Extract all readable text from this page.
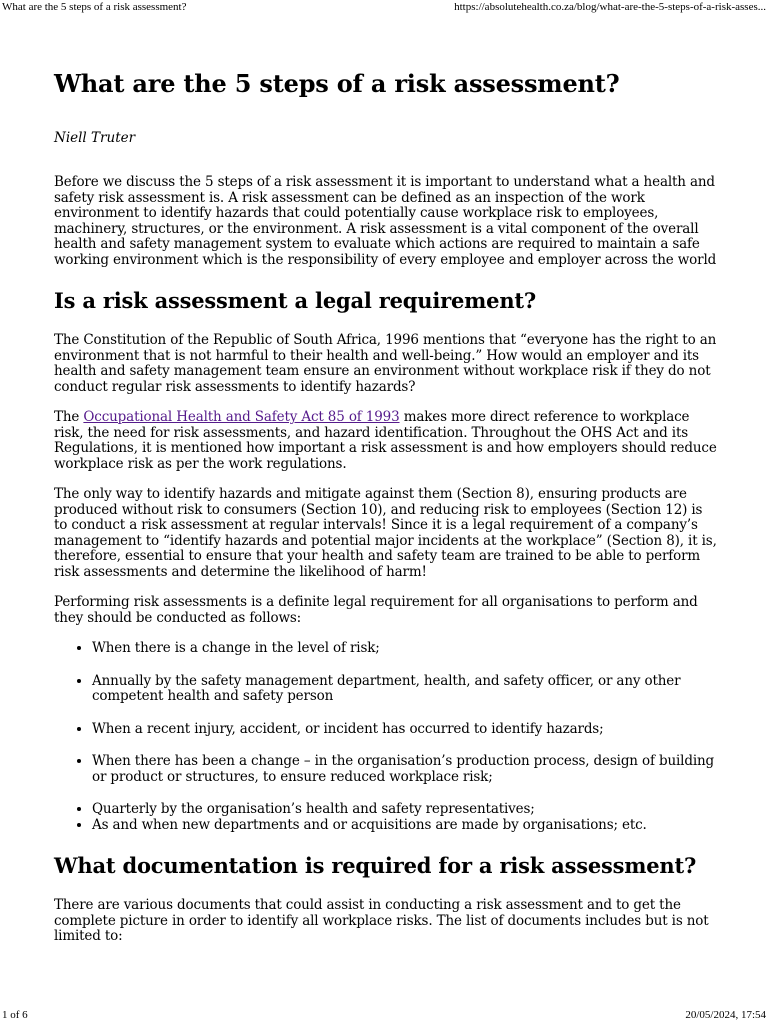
What are the 5 steps of a risk assessment?	https://absolutehealth.co.za/blog/what-are-the-5-steps-of-a-risk-asses...
What are the 5 steps of a risk assessment?
Niell Truter

Before we discuss the 5 steps of a risk assessment it is important to understand what a health and safety risk assessment is. A risk assessment can be defined as an inspection of the work environment to identify hazards that could potentially cause workplace risk to employees, machinery, structures, or the environment. A risk assessment is a vital component of the overall health and safety management system to evaluate which actions are required to maintain a safe working environment which is the responsibility of every employee and employer across the world

Is a risk assessment a legal requirement?

The Constitution of the Republic of South Africa, 1996 mentions that “everyone has the right to an environment that is not harmful to their health and well-being.” How would an employer and its health and safety management team ensure an environment without workplace risk if they do not conduct regular risk assessments to identify hazards?

The Occupational Health and Safety Act 85 of 1993 makes more direct reference to workplace risk, the need for risk assessments, and hazard identification. Throughout the OHS Act and its Regulations, it is mentioned how important a risk assessment is and how employers should reduce workplace risk as per the work regulations.

The only way to identify hazards and mitigate against them (Section 8), ensuring products are produced without risk to consumers (Section 10), and reducing risk to employees (Section 12) is to conduct a risk assessment at regular intervals! Since it is a legal requirement of a company’s management to “identify hazards and potential major incidents at the workplace” (Section 8), it is, therefore, essential to ensure that your health and safety team are trained to be able to perform risk assessments and determine the likelihood of harm!

Performing risk assessments is a definite legal requirement for all organisations to perform and they should be conducted as follows:

• When there is a change in the level of risk;
• Annually by the safety management department, health, and safety officer, or any other competent health and safety person
• When a recent injury, accident, or incident has occurred to identify hazards;
• When there has been a change – in the organisation’s production process, design of building or product or structures, to ensure reduced workplace risk;
• Quarterly by the organisation’s health and safety representatives;
• As and when new departments and or acquisitions are made by organisations; etc.
What documentation is required for a risk assessment?

There are various documents that could assist in conducting a risk assessment and to get the complete picture in order to identify all workplace risks. The list of documents includes but is not limited to:

1 of 6	20/05/2024, 17:54
